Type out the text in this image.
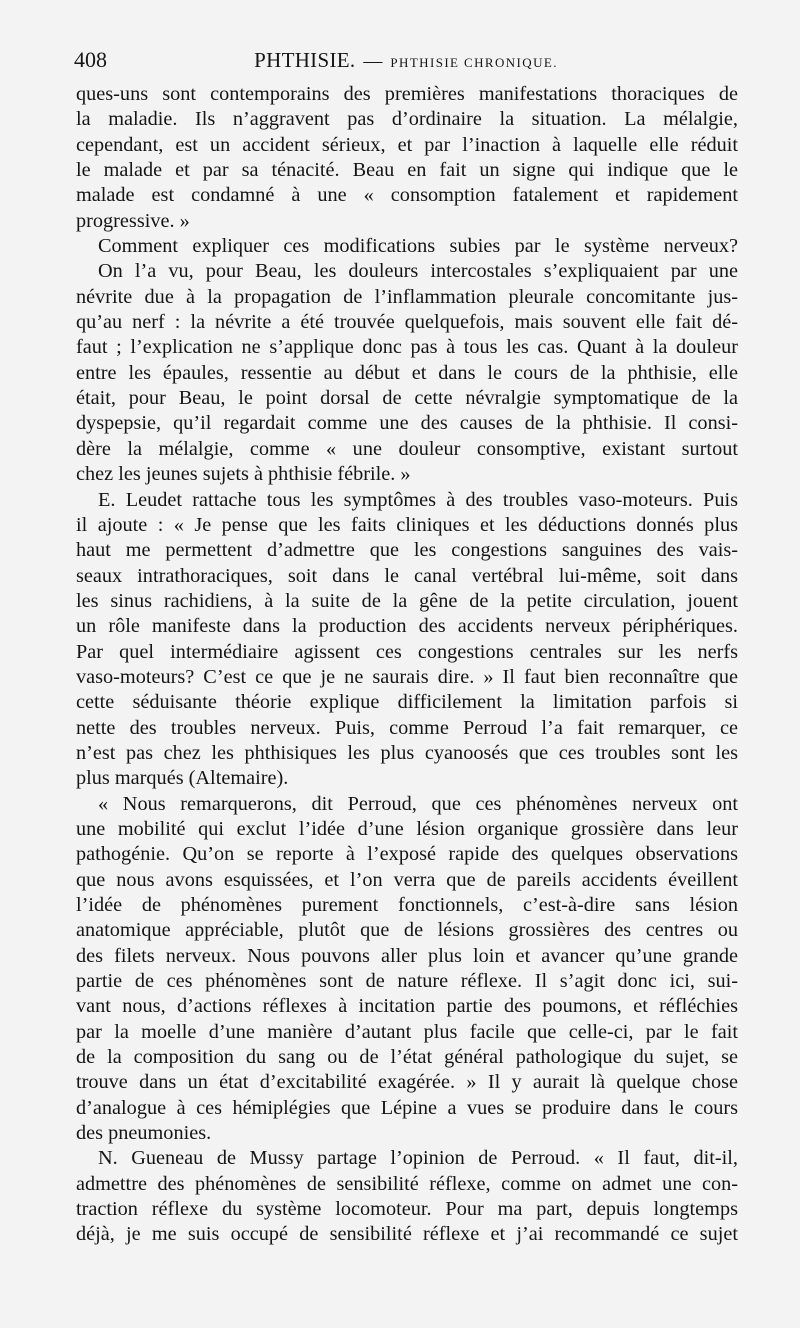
408	PHTHISIE. — PHTHISIE CHRONIQUE.
ques-uns sont contemporains des premières manifestations thoraciques de
la maladie. Ils n’aggravent pas d’ordinaire la situation. La mélalgie,
cependant, est un accident sérieux, et par l’inaction à laquelle elle réduit
le malade et par sa ténacité. Beau en fait un signe qui indique que le
malade est condamné à une « consomption fatalement et rapidement
progressive. »
Comment expliquer ces modifications subies par le système nerveux?
On l’a vu, pour Beau, les douleurs intercostales s’expliquaient par une
névrite due à la propagation de l’inflammation pleurale concomitante jus-
qu’au nerf : la névrite a été trouvée quelquefois, mais souvent elle fait dé-
faut ; l’explication ne s’applique donc pas à tous les cas. Quant à la douleur
entre les épaules, ressentie au début et dans le cours de la phthisie, elle
était, pour Beau, le point dorsal de cette névralgie symptomatique de la
dyspepsie, qu’il regardait comme une des causes de la phthisie. Il consi-
dère la mélalgie, comme « une douleur consomptive, existant surtout
chez les jeunes sujets à phthisie fébrile. »
E. Leudet rattache tous les symptômes à des troubles vaso-moteurs. Puis
il ajoute : « Je pense que les faits cliniques et les déductions donnés plus
haut me permettent d’admettre que les congestions sanguines des vais-
seaux intrathoraciques, soit dans le canal vertébral lui-même, soit dans
les sinus rachidiens, à la suite de la gêne de la petite circulation, jouent
un rôle manifeste dans la production des accidents nerveux périphériques.
Par quel intermédiaire agissent ces congestions centrales sur les nerfs
vaso-moteurs? C’est ce que je ne saurais dire. » Il faut bien reconnaître que
cette séduisante théorie explique difficilement la limitation parfois si
nette des troubles nerveux. Puis, comme Perroud l’a fait remarquer, ce
n’est pas chez les phthisiques les plus cyanoosés que ces troubles sont les
plus marqués (Altemaire).
« Nous remarquerons, dit Perroud, que ces phénomènes nerveux ont
une mobilité qui exclut l’idée d’une lésion organique grossière dans leur
pathogénie. Qu’on se reporte à l’exposé rapide des quelques observations
que nous avons esquissées, et l’on verra que de pareils accidents éveillent
l’idée de phénomènes purement fonctionnels, c’est-à-dire sans lésion
anatomique appréciable, plutôt que de lésions grossières des centres ou
des filets nerveux. Nous pouvons aller plus loin et avancer qu’une grande
partie de ces phénomènes sont de nature réflexe. Il s’agit donc ici, sui-
vant nous, d’actions réflexes à incitation partie des poumons, et réfléchies
par la moelle d’une manière d’autant plus facile que celle-ci, par le fait
de la composition du sang ou de l’état général pathologique du sujet, se
trouve dans un état d’excitabilité exagérée. » Il y aurait là quelque chose
d’analogue à ces hémiplégies que Lépine a vues se produire dans le cours
des pneumonies.
N. Gueneau de Mussy partage l’opinion de Perroud. « Il faut, dit-il,
admettre des phénomènes de sensibilité réflexe, comme on admet une con-
traction réflexe du système locomoteur. Pour ma part, depuis longtemps
déjà, je me suis occupé de sensibilité réflexe et j’ai recommandé ce sujet
